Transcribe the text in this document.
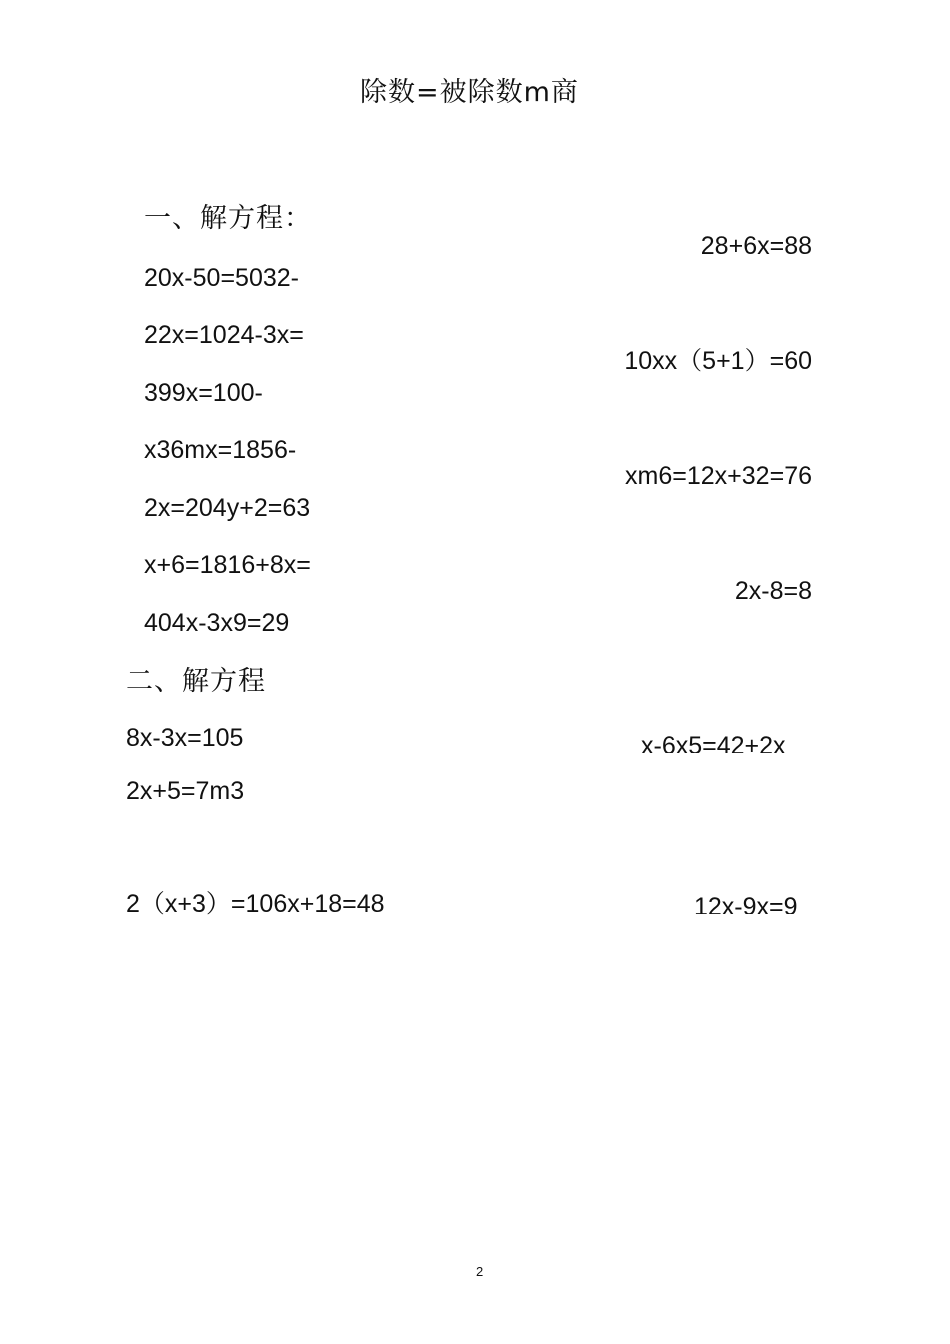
除数=被除数m商
一、解方程：
20x-50=5032-
22x=1024-3x=
399x=100-
x36mx=1856-
2x=204y+2=63
x+6=1816+8x=
404x-3x9=29
28+6x=88
10xx（5+1）=60
xm6=12x+32=76
2x-8=8
二、解方程
8x-3x=105
2x+5=7m3
2（x+3）=106x+18=48
x-6x5=42+2x
12x-9x=9
2
